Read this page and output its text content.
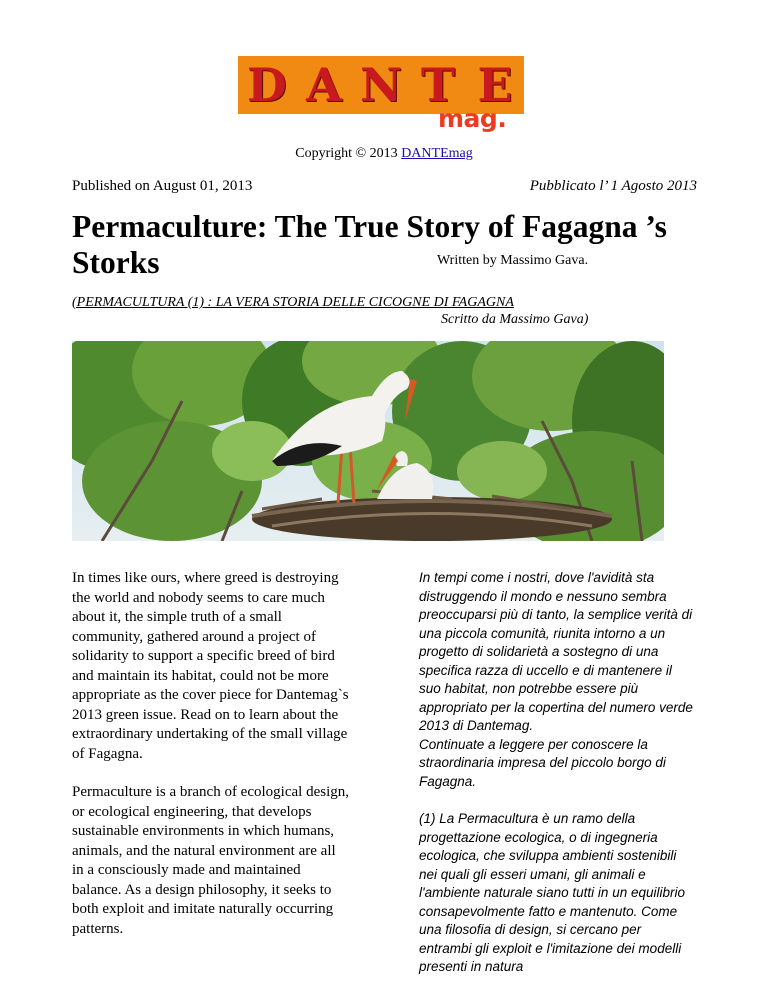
D A N T E
mag.
Copyright © 2013 DANTEmag
Published on August 01, 2013	Pubblicato l’ 1 Agosto 2013
Permaculture: The True Story of Fagagna ’s
Storks	Written by Massimo Gava.
(PERMACULTURA (1) : LA VERA STORIA DELLE CICOGNE DI FAGAGNA
Scritto da Massimo Gava)

In times like ours, where greed is destroying
the world and nobody seems to care much
about it, the simple truth of a small
community, gathered around a project of
solidarity to support a specific breed of bird
and maintain its habitat, could not be more
appropriate as the cover piece for Dantemag`s
2013 green issue. Read on to learn about the
extraordinary undertaking of the small village
of Fagagna.

Permaculture is a branch of ecological design,
or ecological engineering, that develops
sustainable environments in which humans,
animals, and the natural environment are all
in a consciously made and maintained
balance. As a design philosophy, it seeks to
both exploit and imitate naturally occurring
patterns.

In tempi come i nostri, dove l'avidità sta
distruggendo il mondo e nessuno sembra
preoccuparsi più di tanto, la semplice verità di
una piccola comunità, riunita intorno a un
progetto di solidarietà a sostegno di una
specifica razza di uccello e di mantenere il
suo habitat, non potrebbe essere più
appropriato per la copertina del numero verde
2013 di Dantemag.
Continuate a leggere per conoscere la
straordinaria impresa del piccolo borgo di
Fagagna.

(1) La Permacultura è un ramo della
progettazione ecologica, o di ingegneria
ecologica, che sviluppa ambienti sostenibili
nei quali gli esseri umani, gli animali e
l'ambiente naturale siano tutti in un equilibrio
consapevolmente fatto e mantenuto. Come
una filosofia di design, si cercano per
entrambi gli exploit e l'imitazione dei modelli
presenti in natura
